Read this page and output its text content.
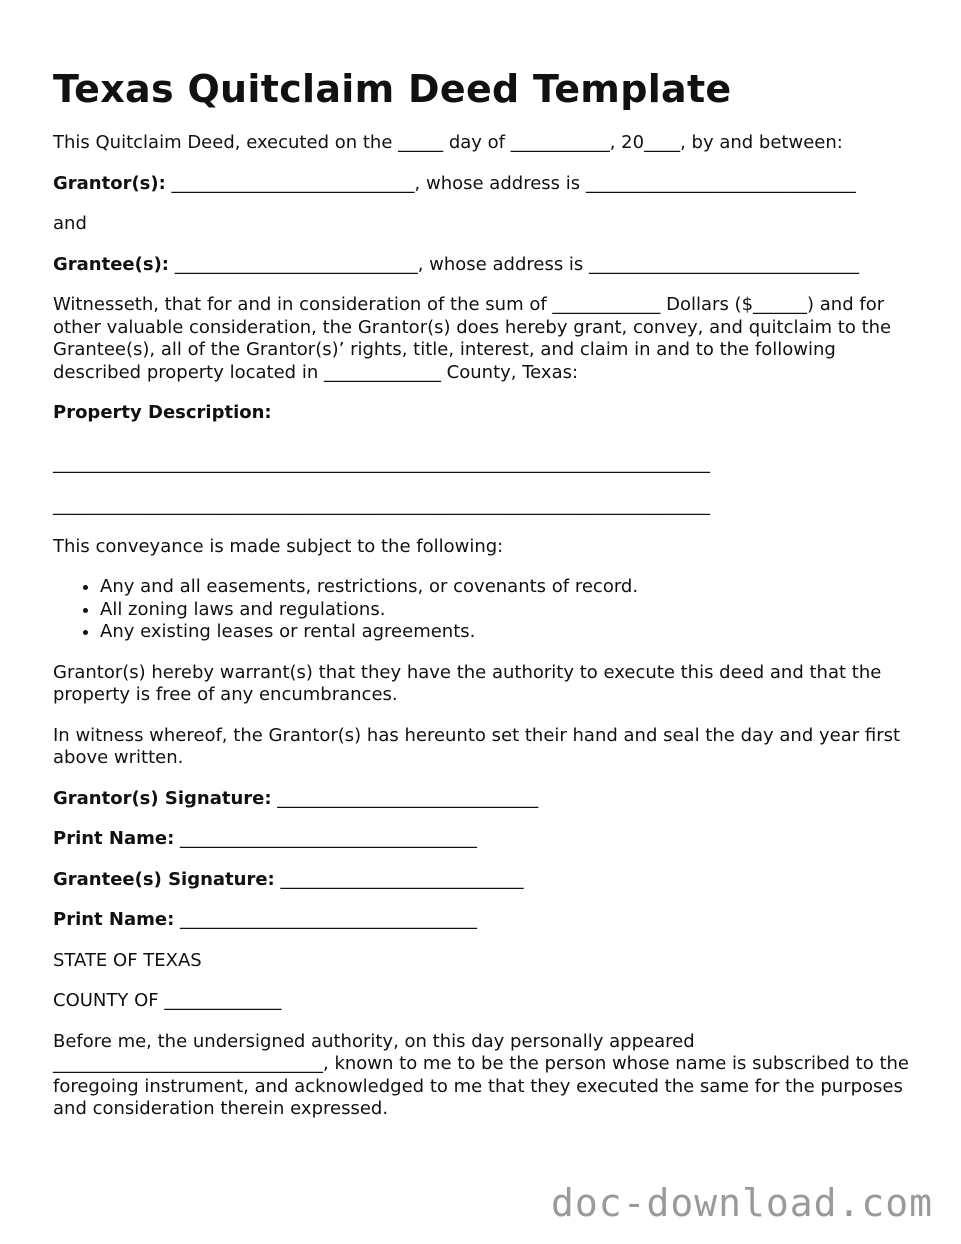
Texas Quitclaim Deed Template

This Quitclaim Deed, executed on the _____ day of ___________, 20____, by and between:

Grantor(s): ___________________________, whose address is ______________________________

and

Grantee(s): ___________________________, whose address is ______________________________

Witnesseth, that for and in consideration of the sum of ____________ Dollars ($______) and for other valuable consideration, the Grantor(s) does hereby grant, convey, and quitclaim to the Grantee(s), all of the Grantor(s)’ rights, title, interest, and claim in and to the following described property located in _____________ County, Texas:

Property Description:

_________________________________________________________________________

_________________________________________________________________________

This conveyance is made subject to the following:

• Any and all easements, restrictions, or covenants of record.
• All zoning laws and regulations.
• Any existing leases or rental agreements.

Grantor(s) hereby warrant(s) that they have the authority to execute this deed and that the property is free of any encumbrances.

In witness whereof, the Grantor(s) has hereunto set their hand and seal the day and year first above written.

Grantor(s) Signature: _____________________________

Print Name: _________________________________

Grantee(s) Signature: ___________________________

Print Name: _________________________________

STATE OF TEXAS

COUNTY OF _____________

Before me, the undersigned authority, on this day personally appeared ______________________________, known to me to be the person whose name is subscribed to the foregoing instrument, and acknowledged to me that they executed the same for the purposes and consideration therein expressed.

doc-download.com
